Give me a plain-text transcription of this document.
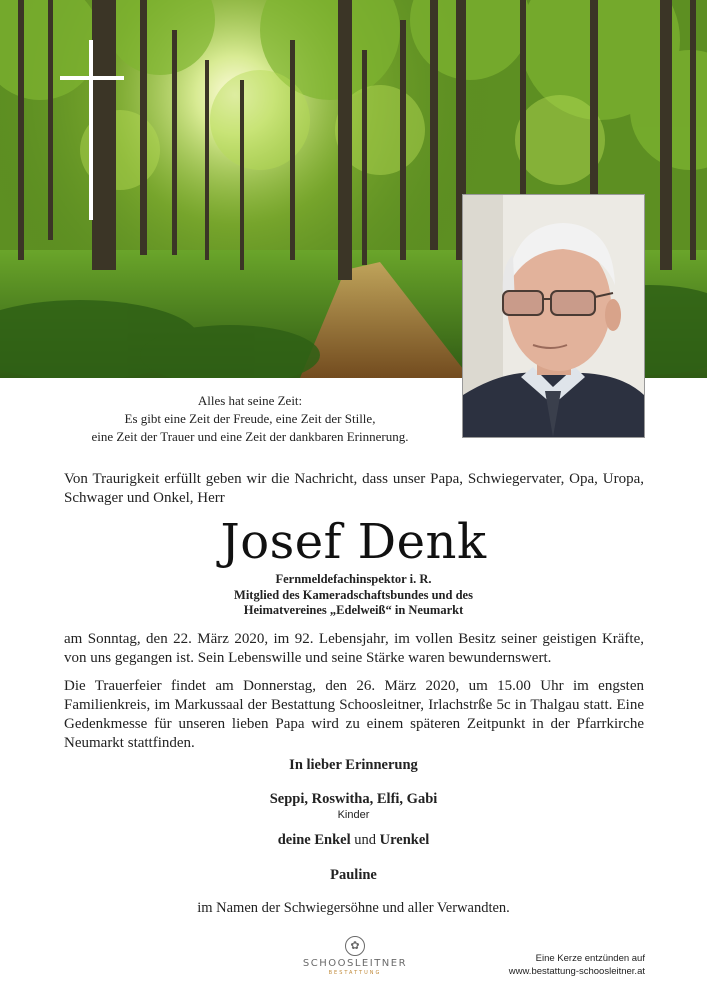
Alles hat seine Zeit:
Es gibt eine Zeit der Freude, eine Zeit der Stille,
eine Zeit der Trauer und eine Zeit der dankbaren Erinnerung.
Von Traurigkeit erfüllt geben wir die Nachricht, dass unser Papa, Schwiegervater, Opa, Uropa, Schwager und Onkel, Herr
Josef Denk
Fernmeldefachinspektor i. R.
Mitglied des Kameradschaftsbundes und des
Heimatvereines „Edelweiß“ in Neumarkt
am Sonntag, den 22. März 2020, im 92. Lebensjahr, im vollen Besitz seiner geistigen Kräfte, von uns gegangen ist. Sein Lebenswille und seine Stärke waren bewundernswert.
Die Trauerfeier findet am Donnerstag, den 26. März 2020, um 15.00 Uhr im engsten Familienkreis, im Markussaal der Bestattung Schoosleitner, Irlachstrße 5c in Thalgau statt. Eine Gedenkmesse für unseren lieben Papa wird zu einem späteren Zeitpunkt in der Pfarrkirche Neumarkt stattfinden.
In lieber Erinnerung
Seppi, Roswitha, Elfi, Gabi
Kinder
deine Enkel und Urenkel
Pauline
im Namen der Schwiegersöhne und aller Verwandten.
✿
SCHOOSLEITNER
BESTATTUNG
Eine Kerze entzünden auf
www.bestattung-schoosleitner.at
